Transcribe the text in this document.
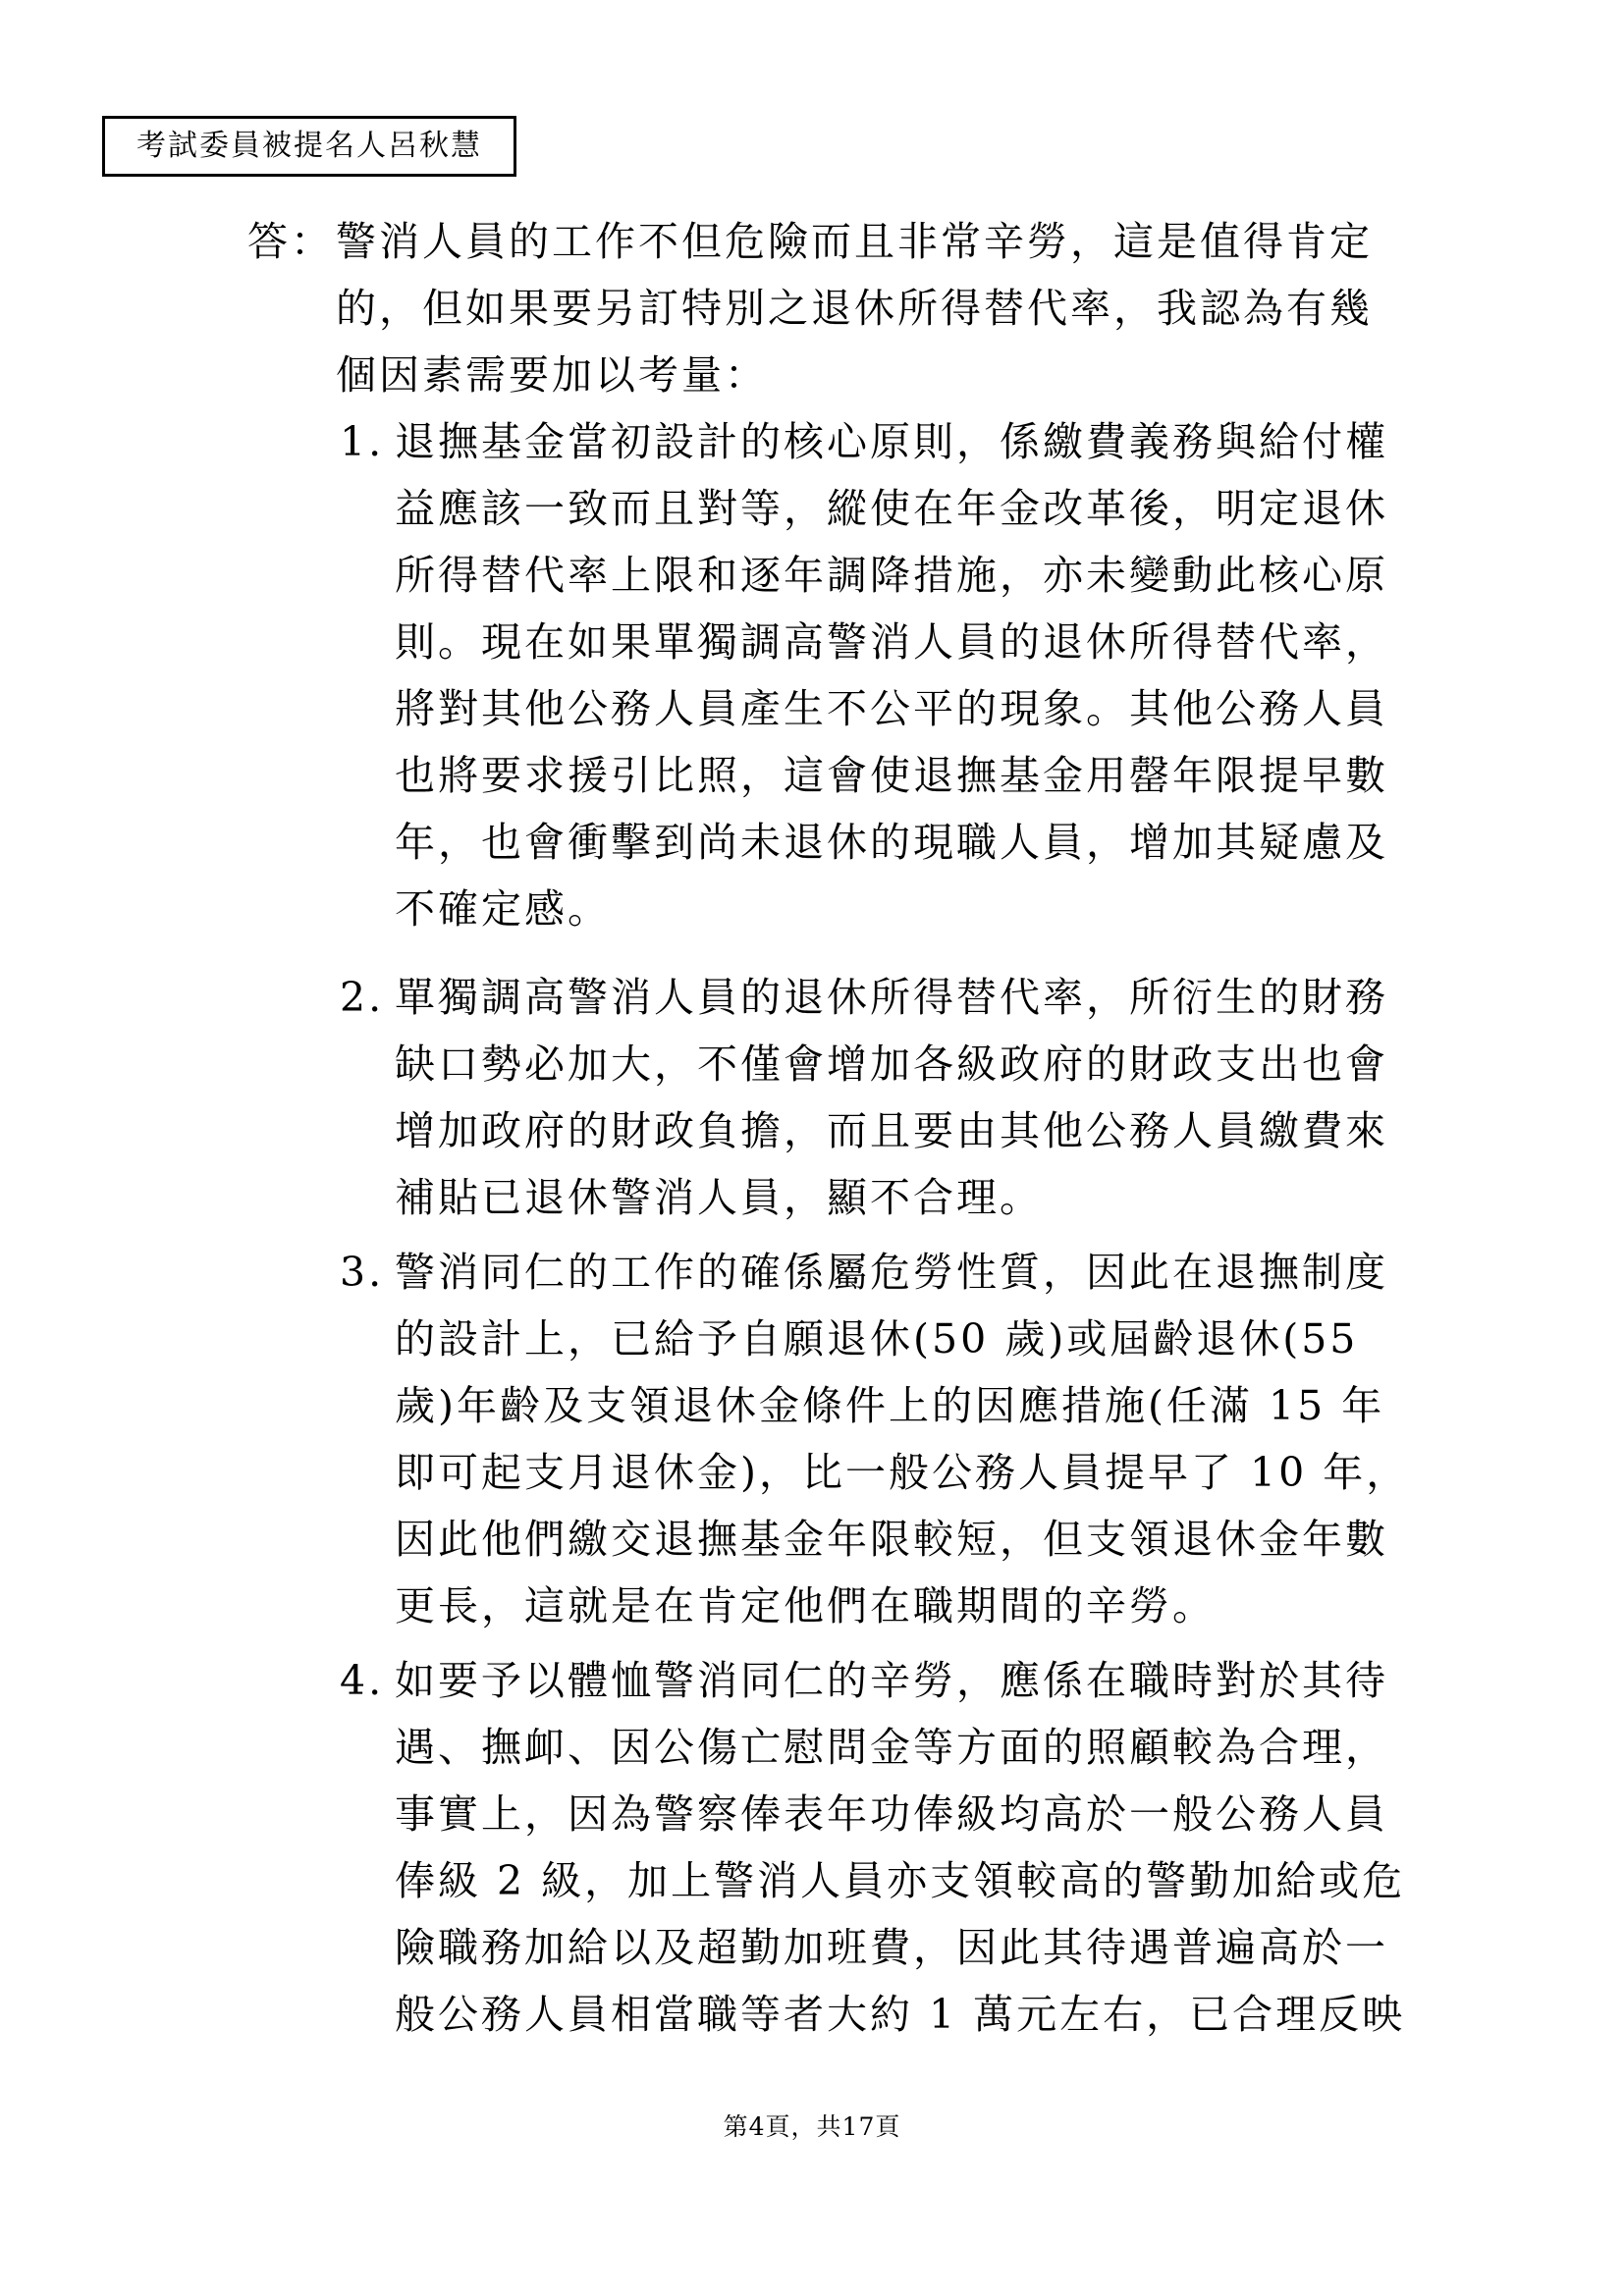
考試委員被提名人呂秋慧
答： 警消人員的工作不但危險而且非常辛勞，這是值得肯定
的，但如果要另訂特別之退休所得替代率，我認為有幾
個因素需要加以考量：
1. 退撫基金當初設計的核心原則，係繳費義務與給付權
益應該一致而且對等，縱使在年金改革後，明定退休
所得替代率上限和逐年調降措施，亦未變動此核心原
則。現在如果單獨調高警消人員的退休所得替代率，
將對其他公務人員產生不公平的現象。其他公務人員
也將要求援引比照，這會使退撫基金用罄年限提早數
年，也會衝擊到尚未退休的現職人員，增加其疑慮及
不確定感。
2. 單獨調高警消人員的退休所得替代率，所衍生的財務
缺口勢必加大，不僅會增加各級政府的財政支出也會
增加政府的財政負擔，而且要由其他公務人員繳費來
補貼已退休警消人員，顯不合理。
3. 警消同仁的工作的確係屬危勞性質，因此在退撫制度
的設計上，已給予自願退休(50 歲)或屆齡退休(55
歲)年齡及支領退休金條件上的因應措施(任滿 15 年
即可起支月退休金)，比一般公務人員提早了 10 年，
因此他們繳交退撫基金年限較短，但支領退休金年數
更長，這就是在肯定他們在職期間的辛勞。
4. 如要予以體恤警消同仁的辛勞，應係在職時對於其待
遇、撫卹、因公傷亡慰問金等方面的照顧較為合理，
事實上，因為警察俸表年功俸級均高於一般公務人員
俸級 2 級，加上警消人員亦支領較高的警勤加給或危
險職務加給以及超勤加班費，因此其待遇普遍高於一
般公務人員相當職等者大約 1 萬元左右，已合理反映
第4頁，共17頁
